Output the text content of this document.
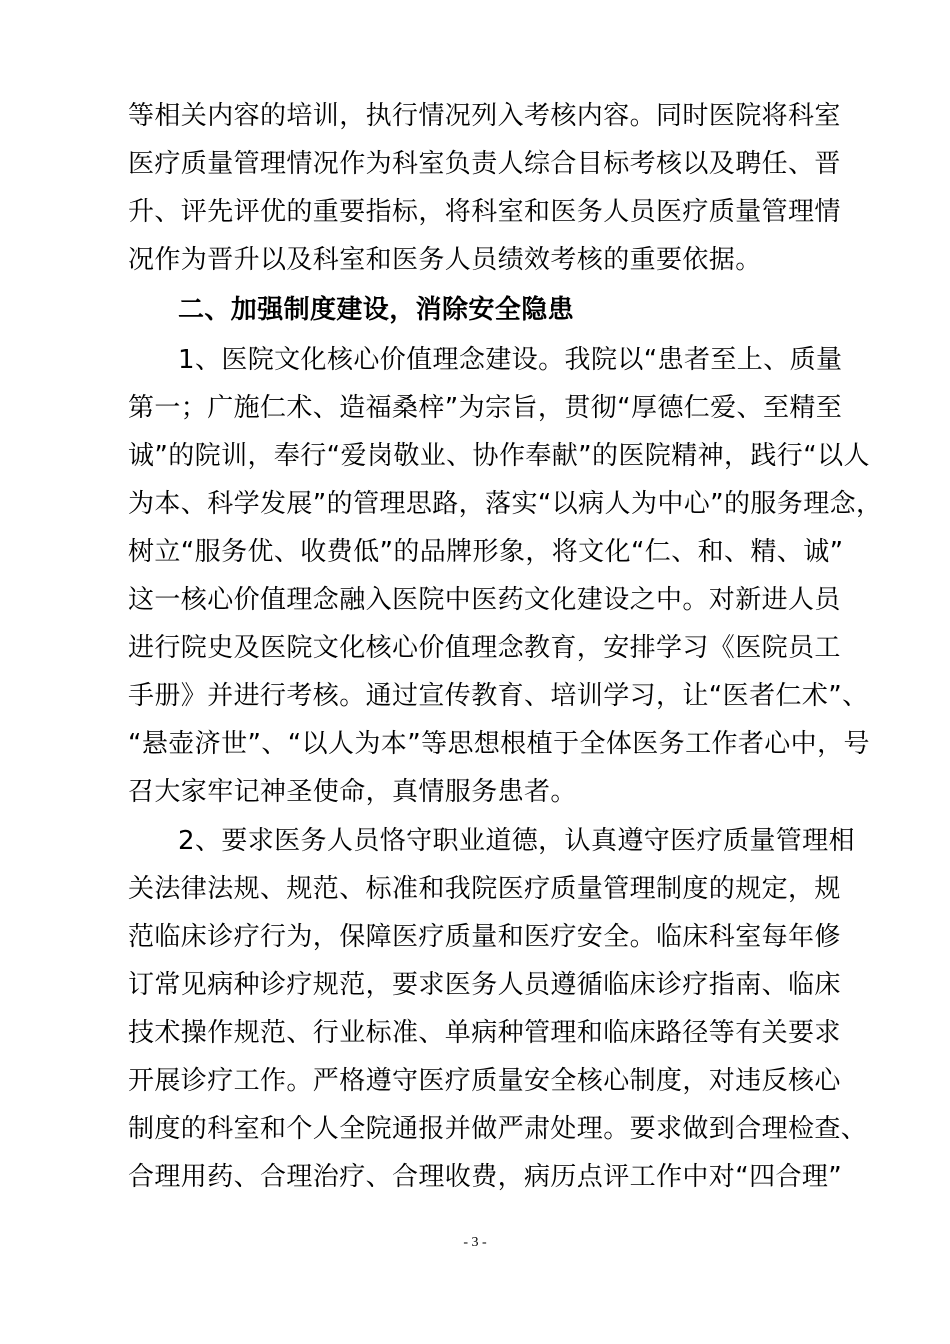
等相关内容的培训，执行情况列入考核内容。同时医院将科室
医疗质量管理情况作为科室负责人综合目标考核以及聘任、晋
升、评先评优的重要指标，将科室和医务人员医疗质量管理情
况作为晋升以及科室和医务人员绩效考核的重要依据。
二、加强制度建设，消除安全隐患
1、医院文化核心价值理念建设。我院以“患者至上、质量
第一；广施仁术、造福桑梓”为宗旨，贯彻“厚德仁爱、至精至
诚”的院训，奉行“爱岗敬业、协作奉献”的医院精神，践行“以人
为本、科学发展”的管理思路，落实“以病人为中心”的服务理念，
树立“服务优、收费低”的品牌形象，将文化“仁、和、精、诚”
这一核心价值理念融入医院中医药文化建设之中。对新进人员
进行院史及医院文化核心价值理念教育，安排学习《医院员工
手册》并进行考核。通过宣传教育、培训学习，让“医者仁术”、
“悬壶济世”、“以人为本”等思想根植于全体医务工作者心中，号
召大家牢记神圣使命，真情服务患者。
2、要求医务人员恪守职业道德，认真遵守医疗质量管理相
关法律法规、规范、标准和我院医疗质量管理制度的规定，规
范临床诊疗行为，保障医疗质量和医疗安全。临床科室每年修
订常见病种诊疗规范，要求医务人员遵循临床诊疗指南、临床
技术操作规范、行业标准、单病种管理和临床路径等有关要求
开展诊疗工作。严格遵守医疗质量安全核心制度，对违反核心
制度的科室和个人全院通报并做严肃处理。要求做到合理检查、
合理用药、合理治疗、合理收费，病历点评工作中对“四合理”
- 3 -
